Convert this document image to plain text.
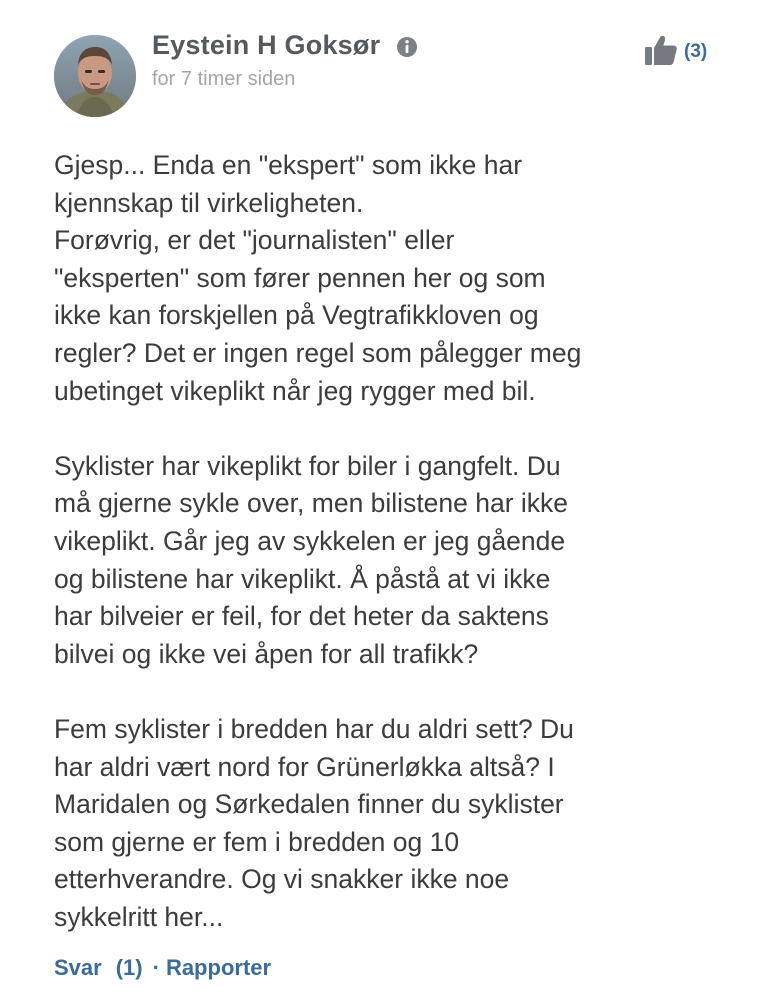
Eystein H Goksør
for 7 timer siden
(3)

Gjesp... Enda en "ekspert" som ikke har
kjennskap til virkeligheten.
Forøvrig, er det "journalisten" eller
"eksperten" som fører pennen her og som
ikke kan forskjellen på Vegtrafikkloven og
regler? Det er ingen regel som pålegger meg
ubetinget vikeplikt når jeg rygger med bil.

Syklister har vikeplikt for biler i gangfelt. Du
må gjerne sykle over, men bilistene har ikke
vikeplikt. Går jeg av sykkelen er jeg gående
og bilistene har vikeplikt. Å påstå at vi ikke
har bilveier er feil, for det heter da saktens
bilvei og ikke vei åpen for all trafikk?

Fem syklister i bredden har du aldri sett? Du
har aldri vært nord for Grünerløkka altså? I
Maridalen og Sørkedalen finner du syklister
som gjerne er fem i bredden og 10
etterhverandre. Og vi snakker ikke noe
sykkelritt her...

Svar (1) · Rapporter
